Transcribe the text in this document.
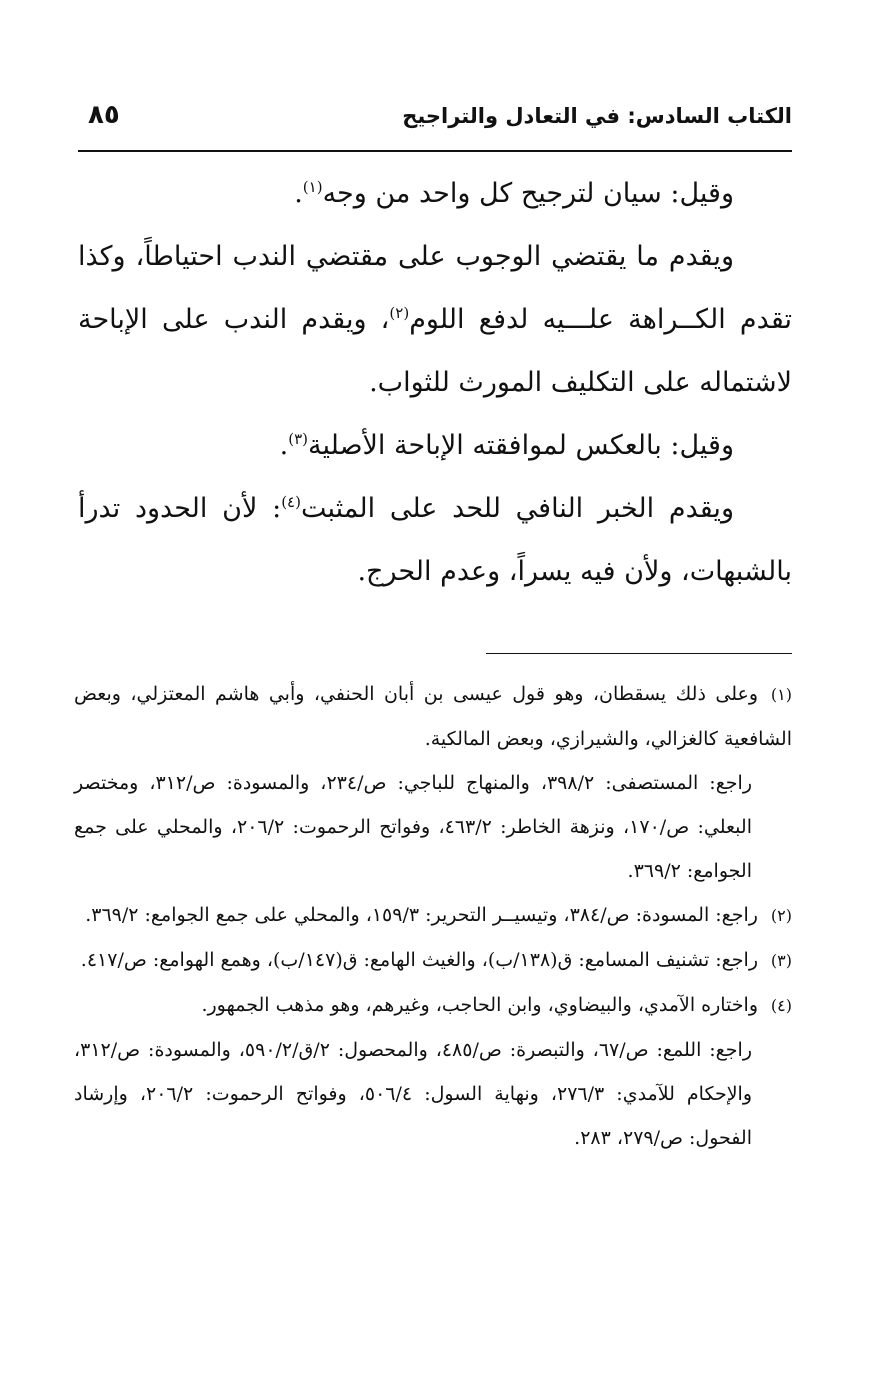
٨٥	الكتاب السادس: في التعادل والتراجيح

وقيل: سيان لترجيح كل واحد من وجه$^{(١)}$.

ويقدم ما يقتضي الوجوب على مقتضي الندب احتياطاً، وكذا تقدم الكــراهة علـــيه لدفع اللوم$^{(٢)}$، ويقدم الندب على الإباحة لاشتماله على التكليف المورث للثواب.

وقيل: بالعكس لموافقته الإباحة الأصلية$^{(٣)}$.

ويقدم الخبر النافي للحد على المثبت$^{(٤)}$: لأن الحدود تدرأ بالشبهات، ولأن فيه يسراً، وعدم الحرج.

(١)وعلى ذلك يسقطان، وهو قول عيسى بن أبان الحنفي، وأبي هاشم المعتزلي، وبعض الشافعية كالغزالي، والشيرازي، وبعض المالكية.

راجع: المستصفى: ٣٩٨/٢، والمنهاج للباجي: ص/٢٣٤، والمسودة: ص/٣١٢، ومختصر البعلي: ص/١٧٠، ونزهة الخاطر: ٤٦٣/٢، وفواتح الرحموت: ٢٠٦/٢، والمحلي على جمع الجوامع: ٣٦٩/٢.

(٢)راجع: المسودة: ص/٣٨٤، وتيسيــر التحرير: ١٥٩/٣، والمحلي على جمع الجوامع: ٣٦٩/٢.

(٣)راجع: تشنيف المسامع: ق(١٣٨/ب)، والغيث الهامع: ق(١٤٧/ب)، وهمع الهوامع: ص/٤١٧.

(٤)واختاره الآمدي، والبيضاوي، وابن الحاجب، وغيرهم، وهو مذهب الجمهور.

راجع: اللمع: ص/٦٧، والتبصرة: ص/٤٨٥، والمحصول: ٢/ق/٥٩٠/٢، والمسودة: ص/٣١٢، والإحكام للآمدي: ٢٧٦/٣، ونهاية السول: ٥٠٦/٤، وفواتح الرحموت: ٢٠٦/٢، وإرشاد الفحول: ص/٢٧٩، ٢٨٣.
